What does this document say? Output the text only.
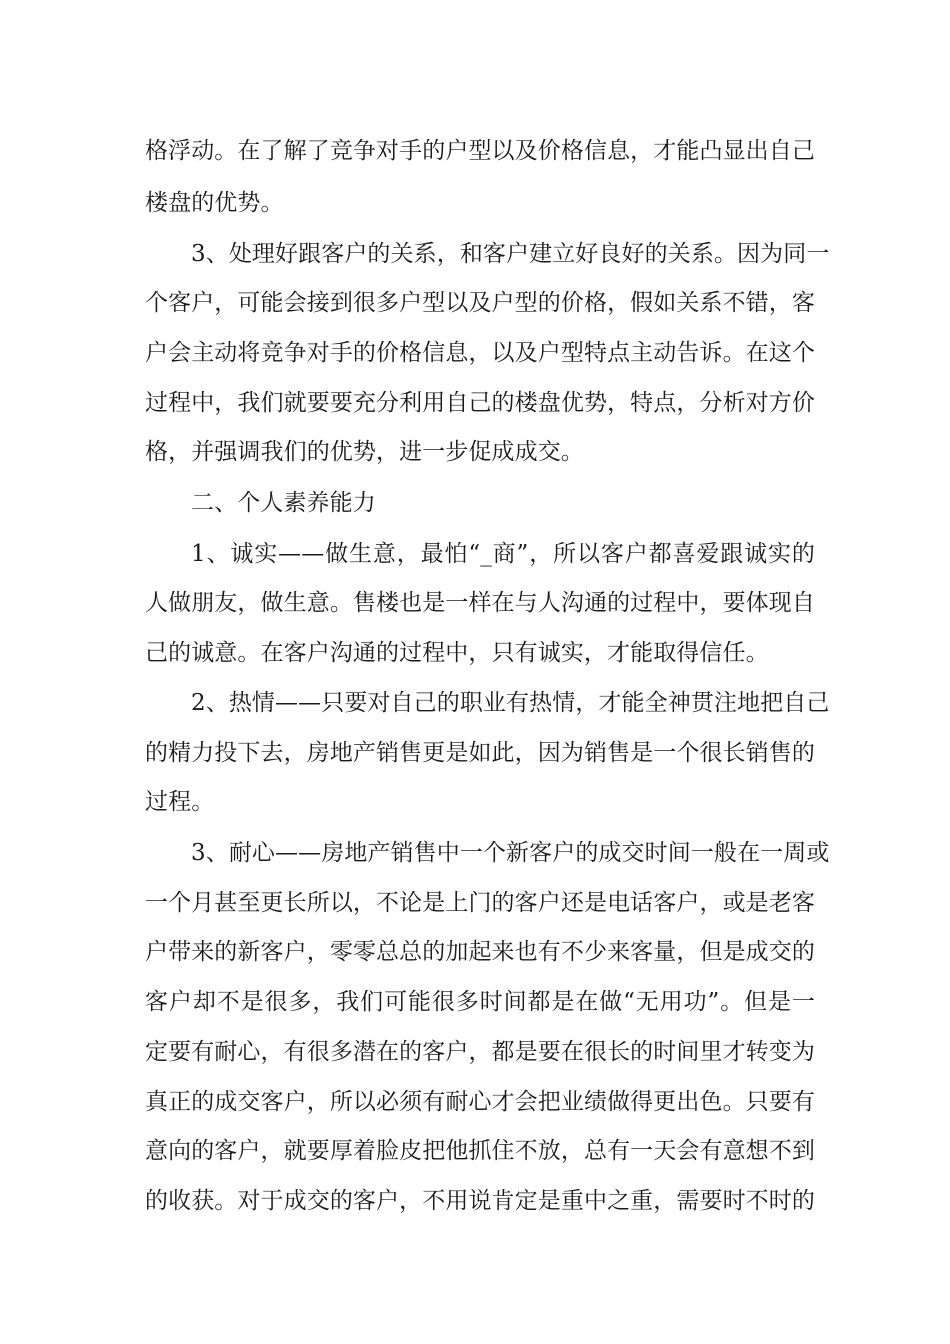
格浮动。在了解了竞争对手的户型以及价格信息，才能凸显出自己
楼盘的优势。
3、处理好跟客户的关系，和客户建立好良好的关系。因为同一
个客户，可能会接到很多户型以及户型的价格，假如关系不错，客
户会主动将竞争对手的价格信息，以及户型特点主动告诉。在这个
过程中，我们就要要充分利用自己的楼盘优势，特点，分析对方价
格，并强调我们的优势，进一步促成成交。
二、个人素养能力
1、诚实——做生意，最怕“_商”，所以客户都喜爱跟诚实的
人做朋友，做生意。售楼也是一样在与人沟通的过程中，要体现自
己的诚意。在客户沟通的过程中，只有诚实，才能取得信任。
2、热情——只要对自己的职业有热情，才能全神贯注地把自己
的精力投下去，房地产销售更是如此，因为销售是一个很长销售的
过程。
3、耐心——房地产销售中一个新客户的成交时间一般在一周或
一个月甚至更长所以，不论是上门的客户还是电话客户，或是老客
户带来的新客户，零零总总的加起来也有不少来客量，但是成交的
客户却不是很多，我们可能很多时间都是在做“无用功”。但是一
定要有耐心，有很多潜在的客户，都是要在很长的时间里才转变为
真正的成交客户，所以必须有耐心才会把业绩做得更出色。只要有
意向的客户，就要厚着脸皮把他抓住不放，总有一天会有意想不到
的收获。对于成交的客户，不用说肯定是重中之重，需要时不时的
